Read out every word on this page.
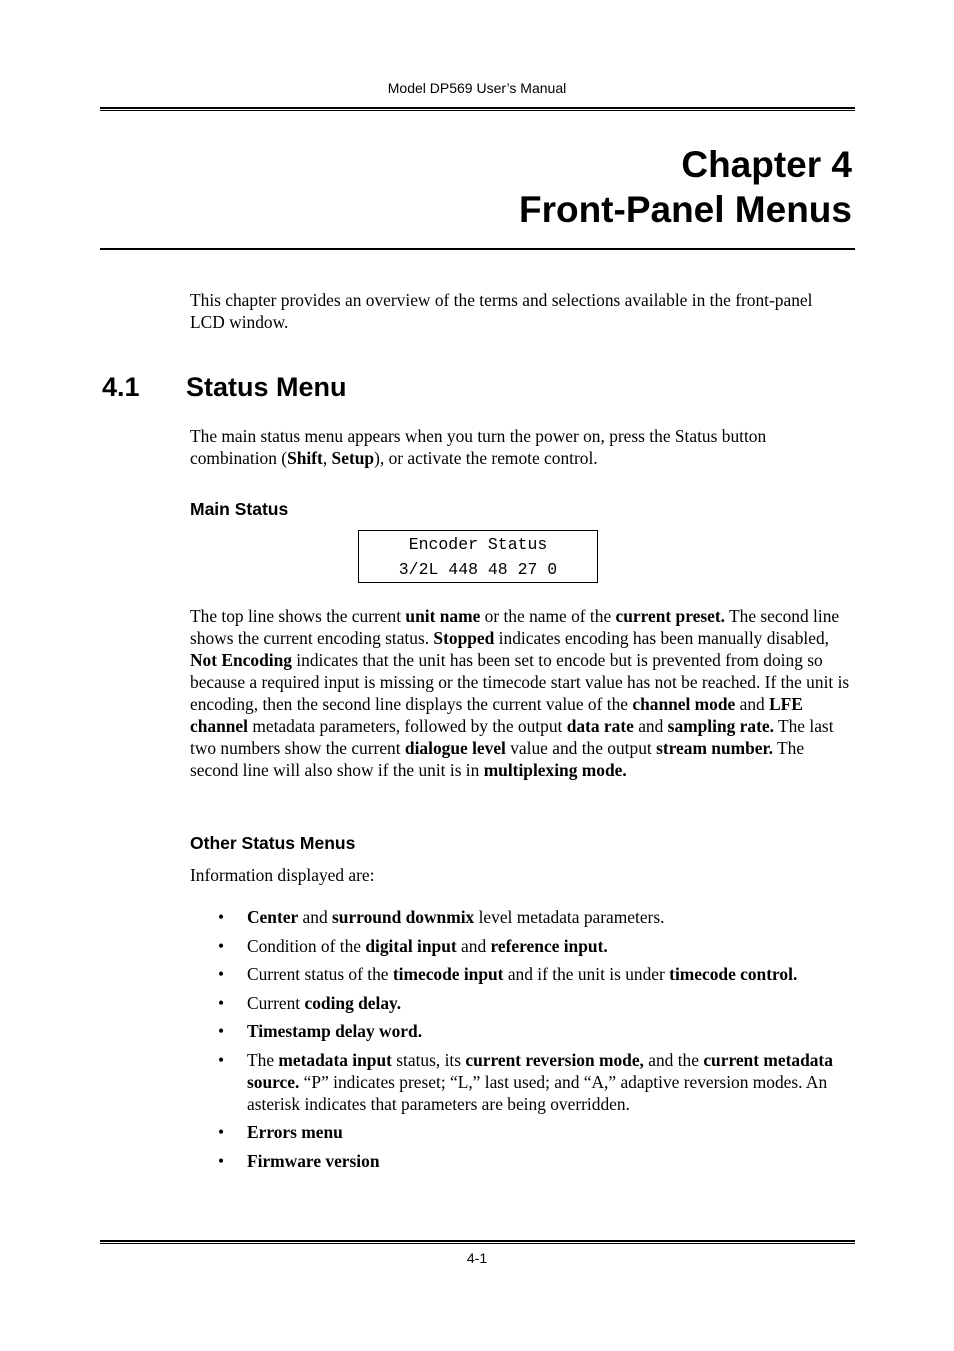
Model DP569 User’s Manual
Chapter 4
Front-Panel Menus

This chapter provides an overview of the terms and selections available in the front-panel LCD window.

4.1 Status Menu

The main status menu appears when you turn the power on, press the Status button combination (Shift, Setup), or activate the remote control.

Main Status
Encoder Status
3/2L 448 48 27 0

The top line shows the current unit name or the name of the current preset. The second line shows the current encoding status. Stopped indicates encoding has been manually disabled, Not Encoding indicates that the unit has been set to encode but is prevented from doing so because a required input is missing or the timecode start value has not be reached. If the unit is encoding, then the second line displays the current value of the channel mode and LFE channel metadata parameters, followed by the output data rate and sampling rate. The last two numbers show the current dialogue level value and the output stream number. The second line will also show if the unit is in multiplexing mode.

Other Status Menus

Information displayed are:

• Center and surround downmix level metadata parameters.
• Condition of the digital input and reference input.
• Current status of the timecode input and if the unit is under timecode control.
• Current coding delay.
• Timestamp delay word.
• The metadata input status, its current reversion mode, and the current metadata source. “P” indicates preset; “L,” last used; and “A,” adaptive reversion modes. An asterisk indicates that parameters are being overridden.
• Errors menu
• Firmware version
4-1
